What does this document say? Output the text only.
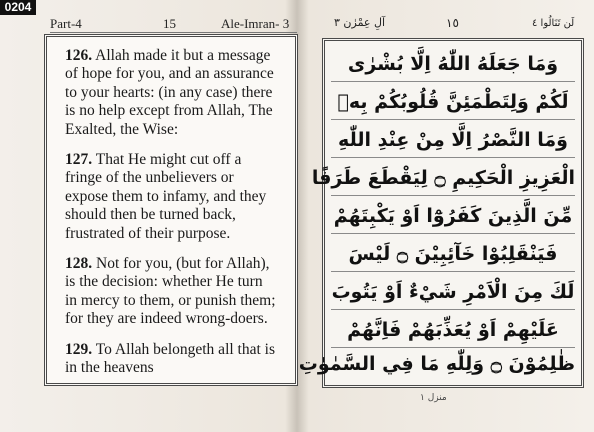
0204
Part-4	15	Ale-Imran- 3	آلِ عِمْرٰن ٣	١٥	لَن تَنَالُوا ٤
126. Allah made it but a message
of hope for you, and an assurance
to your hearts: (in any case) there
is no help except from Allah, The
Exalted, the Wise:
127. That He might cut off a
fringe of the unbelievers or
expose them to infamy, and they
should then be turned back,
frustrated of their purpose.
128. Not for you, (but for Allah),
is the decision: whether He turn
in mercy to them, or punish them;
for they are indeed wrong-doers.
129. To Allah belongeth all that is
in the heavens
وَمَا جَعَلَهُ اللّٰهُ اِلَّا بُشْرٰى
لَكُمْ وَلِتَطْمَئِنَّ قُلُوبُكُمْ بِهٖ
وَمَا النَّصْرُ اِلَّا مِنْ عِنْدِ اللّٰهِ
الْعَزِيزِ الْحَكِيمِ ۝ لِيَقْطَعَ طَرَفًا
مِّنَ الَّذِينَ كَفَرُوْٓا اَوْ يَكْبِتَهُمْ
فَيَنْقَلِبُوْا خَآئِبِيْنَ ۝ لَيْسَ
لَكَ مِنَ الْاَمْرِ شَيْءٌ اَوْ يَتُوبَ
عَلَيْهِمْ اَوْ يُعَذِّبَهُمْ فَاِنَّهُمْ
ظٰلِمُوْنَ ۝ وَلِلّٰهِ مَا فِي السَّمٰوٰتِ
منزل ١
